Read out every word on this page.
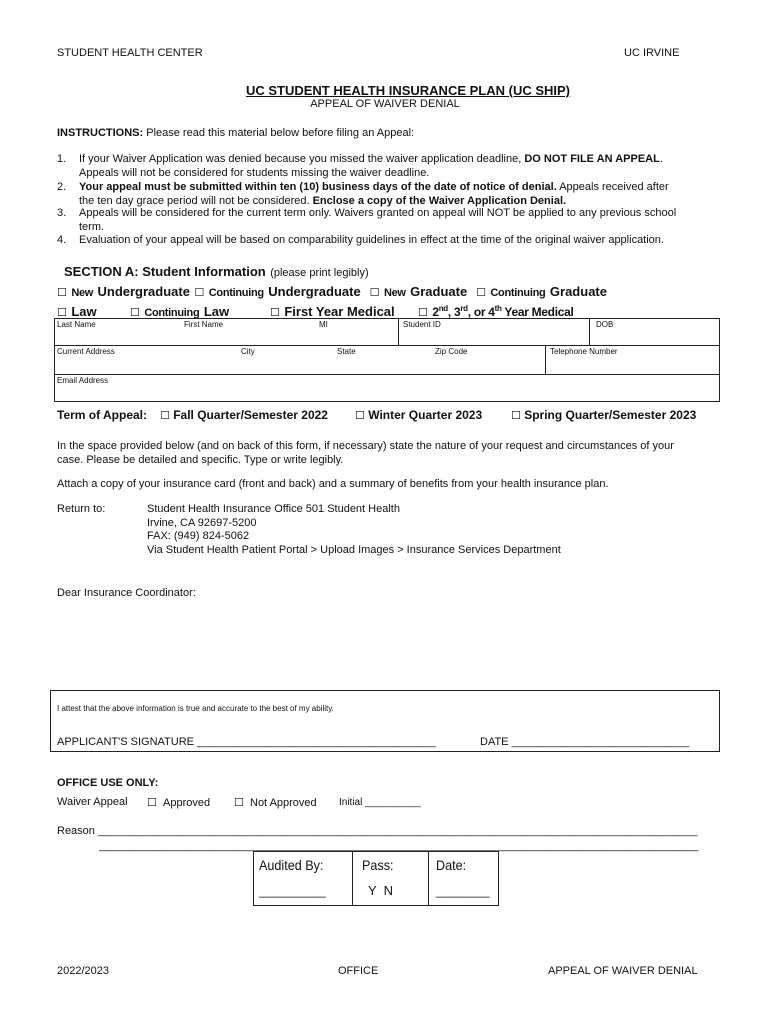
STUDENT HEALTH CENTER	UC IRVINE
UC STUDENT HEALTH INSURANCE PLAN (UC SHIP)
APPEAL OF WAIVER DENIAL
INSTRUCTIONS: Please read this material below before filing an Appeal:
1. If your Waiver Application was denied because you missed the waiver application deadline, DO NOT FILE AN APPEAL.
Appeals will not be considered for students missing the waiver deadline.
2. Your appeal must be submitted within ten (10) business days of the date of notice of denial. Appeals received after
the ten day grace period will not be considered. Enclose a copy of the Waiver Application Denial.
3. Appeals will be considered for the current term only. Waivers granted on appeal will NOT be applied to any previous school
term.
4. Evaluation of your appeal will be based on comparability guidelines in effect at the time of the original waiver application.
SECTION A: Student Information (please print legibly)
☐ New Undergraduate ☐ Continuing Undergraduate ☐ New Graduate ☐ Continuing Graduate
☐ Law	☐ Continuing Law	☐ First Year Medical ☐ 2nd, 3rd, or 4th Year Medical
Last Name	First Name	MI	Student ID	DOB
Current Address	City	State	Zip Code	Telephone Number
Email Address
Term of Appeal: ☐ Fall Quarter/Semester 2022 ☐ Winter Quarter 2023	☐ Spring Quarter/Semester 2023
In the space provided below (and on back of this form, if necessary) state the nature of your request and circumstances of your
case. Please be detailed and specific. Type or write legibly.
Attach a copy of your insurance card (front and back) and a summary of benefits from your health insurance plan.
Return to:	Student Health Insurance Office 501 Student Health
Irvine, CA 92697-5200
FAX: (949) 824-5062
Via Student Health Patient Portal > Upload Images > Insurance Services Department
Dear Insurance Coordinator:
I attest that the above information is true and accurate to the best of my ability.
APPLICANT'S SIGNATURE _______________________________________	DATE _____________________________
OFFICE USE ONLY:
Waiver Appeal ☐ Approved ☐ Not Approved Initial __________
Reason __________________________________________________________________________________________________
__________________________________________________________________________________________________
Audited By:
__________
Pass:
Y  N
Date:
________
2022/2023	OFFICE	APPEAL OF WAIVER DENIAL
